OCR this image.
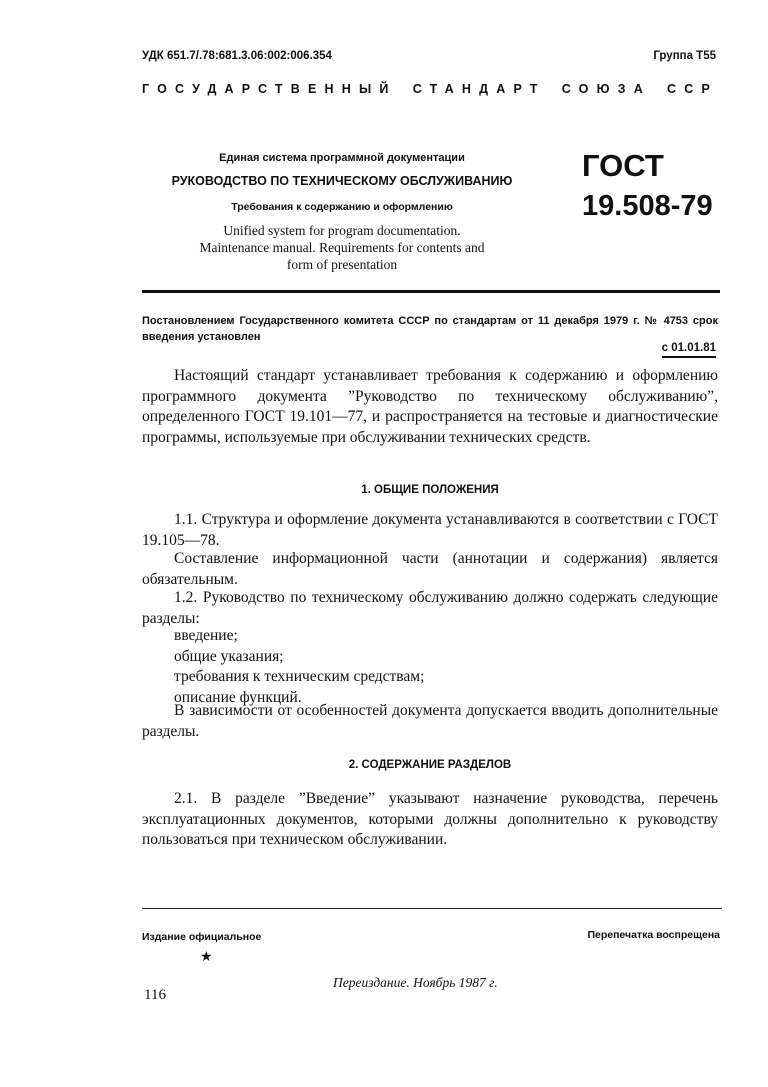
УДК 651.7/.78:681.3.06:002:006.354	Группа Т55
ГОСУДАРСТВЕННЫЙ СТАНДАРТ СОЮЗА ССР
Единая система программной документации
РУКОВОДСТВО ПО ТЕХНИЧЕСКОМУ ОБСЛУЖИВАНИЮ
Требования к содержанию и оформлению
Unified system for program documentation.
Maintenance manual. Requirements for contents and
form of presentation
ГОСТ
19.508-79
Постановлением Государственного комитета СССР по стандартам от 11 декабря 1979 г. № 4753 срок введения установлен
с 01.01.81
Настоящий стандарт устанавливает требования к содержанию и оформлению программного документа ”Руководство по техническому обслуживанию”, определенного ГОСТ 19.101—77, и распространяется на тестовые и диагностические программы, используемые при обслуживании технических средств.
1. ОБЩИЕ ПОЛОЖЕНИЯ
1.1. Структура и оформление документа устанавливаются в соответствии с ГОСТ 19.105—78.
Составление информационной части (аннотации и содержания) является обязательным.
1.2. Руководство по техническому обслуживанию должно содержать следующие разделы:
введение;
общие указания;
требования к техническим средствам;
описание функций.
В зависимости от особенностей документа допускается вводить дополнительные разделы.
2. СОДЕРЖАНИЕ РАЗДЕЛОВ
2.1. В разделе ”Введение” указывают назначение руководства, перечень эксплуатационных документов, которыми должны дополнительно к руководству пользоваться при техническом обслуживании.
Издание официальное	Перепечатка воспрещена
★
Переиздание. Ноябрь 1987 г.
116
